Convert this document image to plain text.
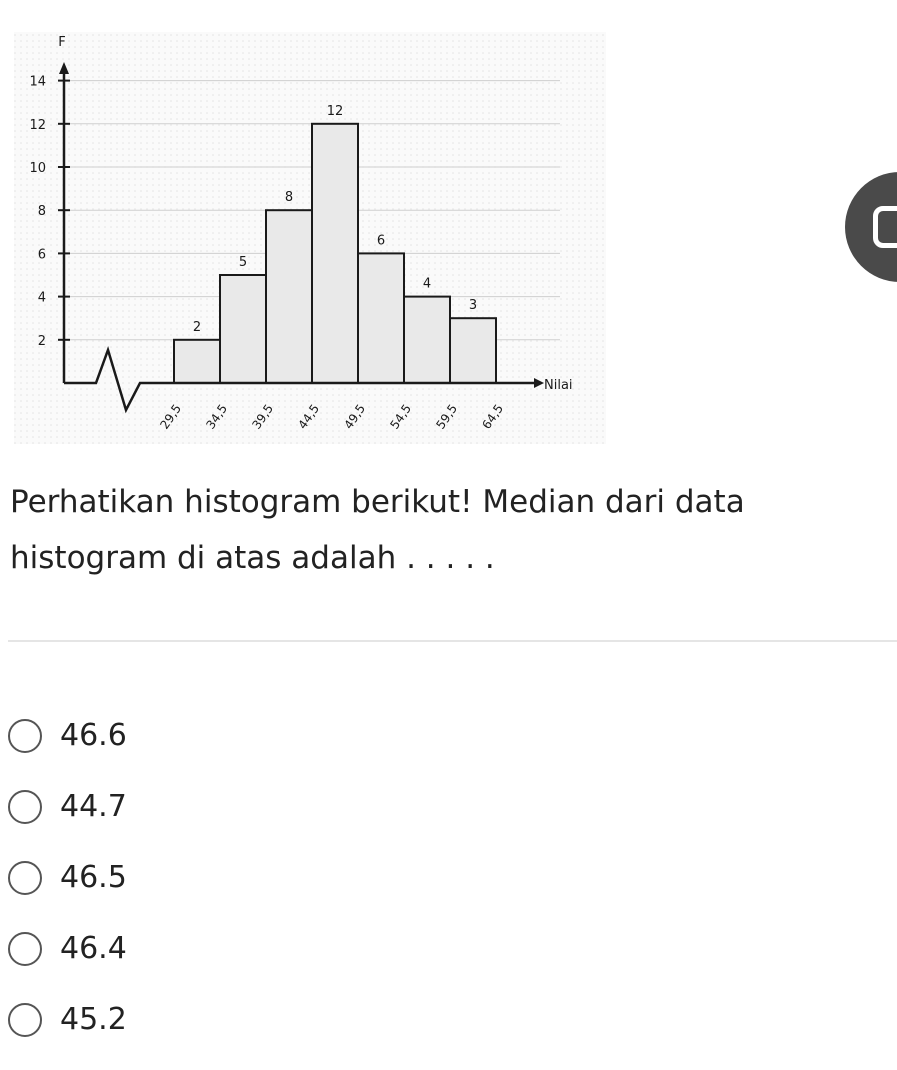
2
4
6
8
10
12
14
29,5 34,5 39,5 44,5 49,5 54,5 59,5 64,5
2
5
8
12
6
4
3
F
Nilai

Perhatikan histogram berikut! Median dari data histogram di atas adalah . . . . .

46.6
44.7
46.5
46.4
45.2
